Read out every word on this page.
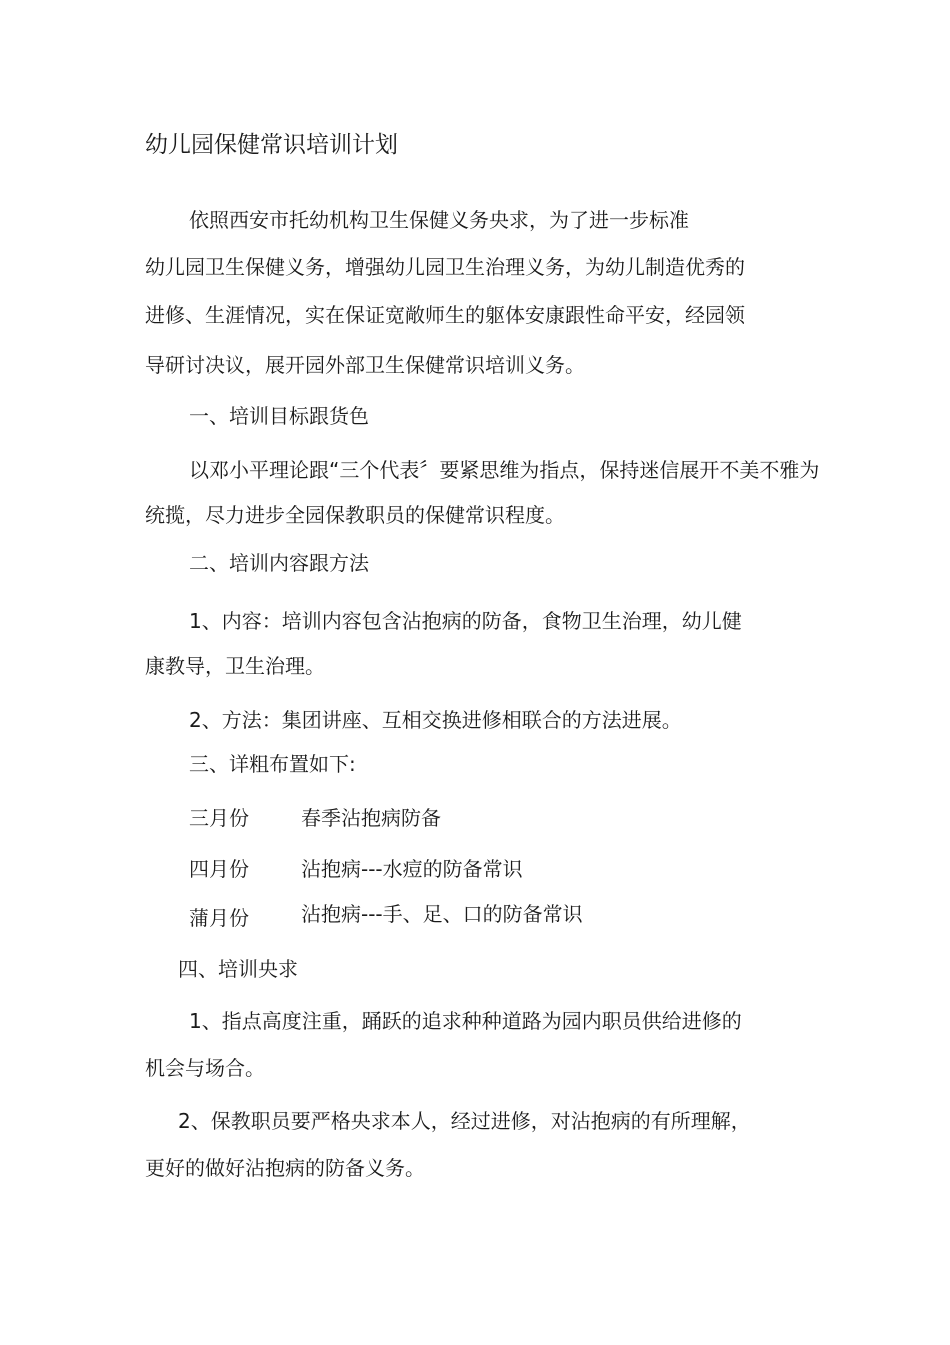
幼儿园保健常识培训计划
依照西安市托幼机构卫生保健义务央求，为了进一步标准
幼儿园卫生保健义务，增强幼儿园卫生治理义务，为幼儿制造优秀的
进修、生涯情况，实在保证宽敞师生的躯体安康跟性命平安，经园领
导研讨决议，展开园外部卫生保健常识培训义务。
一、培训目标跟货色
以邓小平理论跟“三个代表〞要紧思维为指点，保持迷信展开不美不雅为
统揽，尽力进步全园保教职员的保健常识程度。
二、培训内容跟方法
1、内容：培训内容包含沾抱病的防备，食物卫生治理，幼儿健
康教导，卫生治理。
2、方法：集团讲座、互相交换进修相联合的方法进展。
三、详粗布置如下:
三月份	春季沾抱病防备
四月份	沾抱病---水痘的防备常识
蒲月份	沾抱病---手、足、口的防备常识
四、培训央求
1、指点高度注重，踊跃的追求种种道路为园内职员供给进修的
机会与场合。
2、保教职员要严格央求本人，经过进修，对沾抱病的有所理解，
更好的做好沾抱病的防备义务。
